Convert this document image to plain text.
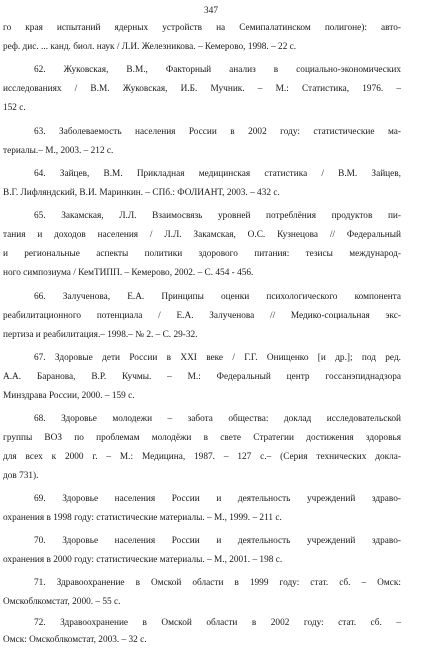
347
го края испытаний ядерных устройств на Семипалатинском полигоне): авто-
реф. дис. ... канд. биол. наук / Л.И. Железникова. – Кемерово, 1998. – 22 с.
62. Жуковская, В.М., Факторный анализ в социально-экономических
исследованиях / В.М. Жуковская, И.Б. Мучник. – М.: Статистика, 1976. –
152 с.
63. Заболеваемость населения России в 2002 году: статистические ма-
териалы.– М., 2003. – 212 с.
64. Зайцев, В.М. Прикладная медицинская статистика / В.М. Зайцев,
В.Г. Лифляндский, В.И. Маринкин. – СПб.: ФОЛИАНТ, 2003. – 432 с.
65. Закамская, Л.Л. Взаимосвязь уровней потреблёния продуктов пи-
тания и доходов населения / Л.Л. Закамская, О.С. Кузнецова // Федеральный
и региональные аспекты политики здорового питания: тезисы международ-
ного симпозиума / КемТИПП. – Кемерово, 2002. – С. 454 - 456.
66. Залученова, Е.А. Принципы оценки психологического компонента
реабилитационного потенциала / Е.А. Залученова // Медико-социальная экс-
пертиза и реабилитация.– 1998.– № 2. – С. 29-32.
67. Здоровые дети России в XXI веке / Г.Г. Онищенко [и др.]; под ред.
А.А. Баранова, В.Р. Кучмы. – М.: Федеральный центр госсанэпиднадзора
Минздрава России, 2000. – 159 с.
68. Здоровье молодежи – забота общества: доклад исследовательской
группы ВОЗ по проблемам молодёжи в свете Стратегии достижения здоровья
для всех к 2000 г. – М.: Медицина, 1987. – 127 с.– (Серия технических докла-
дов 731).
69. Здоровье населения России и деятельность учреждений здраво-
охранения в 1998 году: статистические материалы. – М., 1999. – 211 с.
70. Здоровье населения России и деятельность учреждений здраво-
охранения в 2000 году: статистические материалы. – М., 2001. – 198 с.
71. Здравоохранение в Омской области в 1999 году: стат. сб. – Омск:
Омскоблкомстат, 2000. – 55 с.
72. Здравоохранение в Омской области в 2002 году: стат. сб. –
Омск: Омскоблкомстат, 2003. – 32 с.
